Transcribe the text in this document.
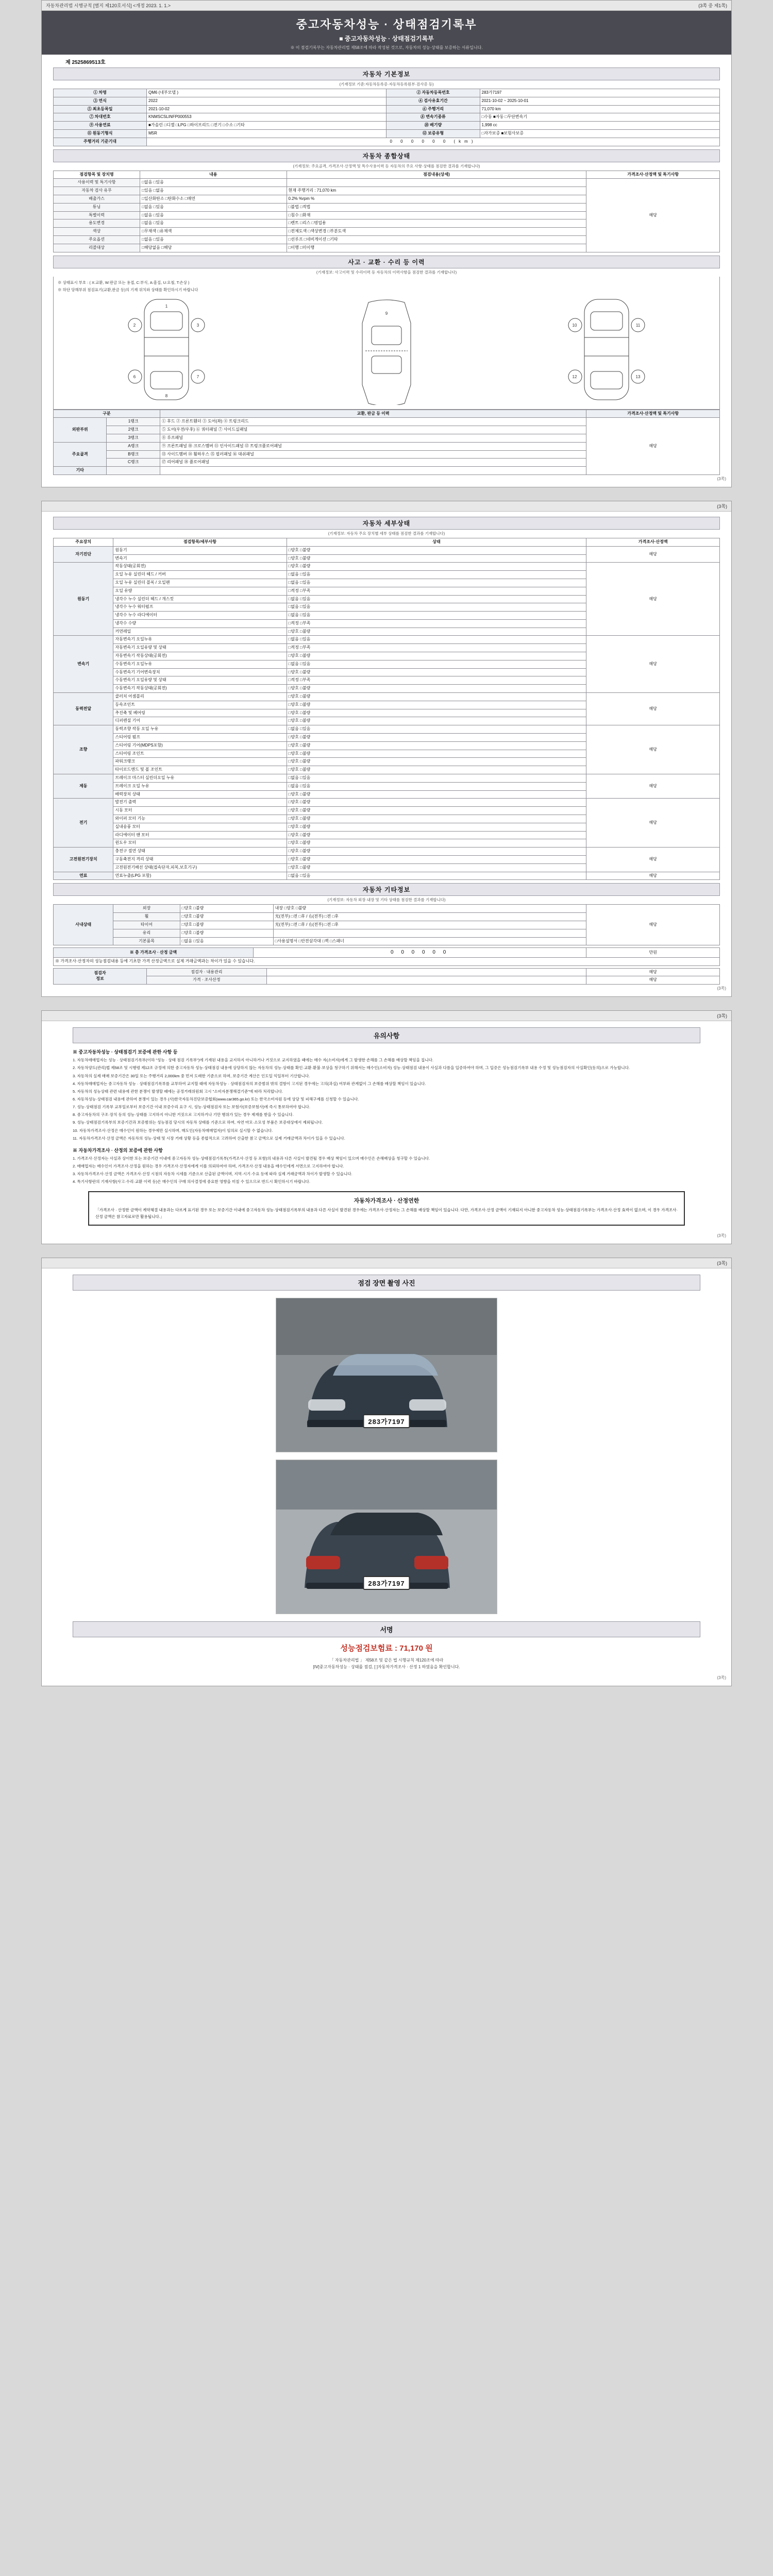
자동차관리법 시행규칙 [별지 제120호서식] <개정 2023. 1. 1.>	(3쪽 중 제1쪽)
중고자동차성능 · 상태점검기록부
■ 중고자동차성능 · 상태점검기록부
※ 이 점검기록부는 자동차관리법 제58조에 따라 작성된 것으로, 자동차의 성능·상태를 보증하는 서류입니다.
제 2525869513호
자동차 기본정보
(기재정보 기준:자동차등록증·자동차등록원부·검사증 등)
① 차명	QM6 (네부모델 )	② 자동차등록번호	283가7197
③ 연식	2022	④ 검사유효기간	2021-10-02 ~ 2025-10-01
⑤ 최초등록일	2021-10-02	⑥ 주행거리	71,070 km
⑦ 차대번호	KNMSCSLINFP000553	⑧ 변속기종류	□수동 ■자동 □무단변속기
⑨ 사용연료	■가솔린 □디젤 □LPG □하이브리드 □전기 □수소 □기타	⑩ 배기량	1,998 cc
⑪ 원동기형식	M5R	⑫ 보증유형	□자가보증 ■보험사보증
주행거리 기준기대	0 0 0 0 0 0 (km)		
자동차 종합상태
(기재정보: 주요골격, 가격조사·산정액 및 특수사용이력 등 자동차의 주요 사항·상태를 점검한 결과를 기재합니다)
점검항목 및 장치명	내용	점검내용(상세)	가격조사·산정액 및 특기사항
사용이력 및 특기사항	□없음 □있음		해당
자동차 검사 유무	□있음 □없음	현재 주행거리 : 71,070 km	
배출가스	□일산화탄소 □탄화수소 □매연	0.2% %rpm %	
튜닝	□없음 □있음	□불법 □적법	
특별이력	□없음 □있음	□침수 □화재	
용도변경	□없음 □있음	□렌트 □리스 □영업용	
색상	□무채색 □유채색	□전체도색 □색상변경 □부분도색	
주요옵션	□없음 □있음	□선루프 □네비게이션 □기타	
리콜대상	□해당없음 □해당	□이행 □미이행	
사고 · 교환 · 수리 등 이력
(기재정보: 사고이력 및 수리이력 등 자동차의 이력사항을 점검한 결과를 기재합니다)
※ 상태표시 부호 : ( X:교환, W:판금 또는 용접, C:부식, A:흠집, U:요철, T:손상 )
※ 하단 당해부위 점검표기(교환,판금 등)의 기재 위치와 상태를 확인하시기 바랍니다
2	3
6	7
1
8
9
10	11
12	13
구분		교환, 판금 등 이력	가격조사·산정액 및 특기사항
외판부위	1랭크	① 후드 ② 프론트휀더 ③ 도어(좌) ④ 트렁크리드	해당
	2랭크	⑤ 도어(우전/우후) ⑥ 쿼터패널 ⑦ 사이드실패널	
	3랭크	⑧ 루프패널	
주요골격	A랭크	⑨ 프론트패널 ⑩ 크로스멤버 ⑪ 인사이드패널 ⑫ 트렁크플로어패널	
	B랭크	⑬ 사이드멤버 ⑭ 휠하우스 ⑮ 필러패널 ⑯ 대쉬패널	
	C랭크	⑰ 리어패널 ⑱ 플로어패널	
기타			
(3쪽)
(3쪽)
자동차 세부상태
(기재정보: 자동차 주요 장치별 세부 상태를 점검한 결과를 기재합니다)
주요장치	점검항목/세부사항	상태	가격조사·산정액
자기진단	원동기	□양호 □불량	해당
	변속기	□양호 □불량	
원동기	작동상태(공회전)	□양호 □불량	해당
	오일 누유 실린더 헤드 / 커버	□없음 □있음	
	오일 누유 실린더 블록 / 오일팬	□없음 □있음	
	오일 유량	□적정 □부족	
	냉각수 누수 실린더 헤드 / 개스킷	□없음 □있음	
	냉각수 누수 워터펌프	□없음 □있음	
	냉각수 누수 라디에이터	□없음 □있음	
	냉각수 수량	□적정 □부족	
	커먼레일	□양호 □불량	
변속기	자동변속기 오일누유	□없음 □있음	해당
	자동변속기 오일유량 및 상태	□적정 □부족	
	자동변속기 작동상태(공회전)	□양호 □불량	
	수동변속기 오일누유	□없음 □있음	
	수동변속기 기어변속장치	□양호 □불량	
	수동변속기 오일유량 및 상태	□적정 □부족	
	수동변속기 작동상태(공회전)	□양호 □불량	
동력전달	클러치 어셈블리	□양호 □불량	해당
	등속조인트	□양호 □불량	
	추진축 및 베어링	□양호 □불량	
	디퍼렌셜 기어	□양호 □불량	
조향	동력조향 작동 오일 누유	□없음 □있음	해당
	스티어링 펌프	□양호 □불량	
	스티어링 기어(MDPS포함)	□양호 □불량	
	스티어링 조인트	□양호 □불량	
	파워크랭크	□양호 □불량	
	타이로드엔드 및 볼 조인트	□양호 □불량	
제동	브레이크 마스터 실린더오일 누유	□없음 □있음	해당
	브레이크 오일 누유	□없음 □있음	
	배력장치 상태	□양호 □불량	
전기	발전기 출력	□양호 □불량	해당
	시동 모터	□양호 □불량	
	와이퍼 모터 기능	□양호 □불량	
	실내송풍 모터	□양호 □불량	
	라디에이터 팬 모터	□양호 □불량	
	윈도우 모터	□양호 □불량	
고전원전기장치	충전구 절연 상태	□양호 □불량	해당
	구동축전지 격리 상태	□양호 □불량	
	고전원전기배선 상태(접속단자,피복,보호기구)	□양호 □불량	
연료	연료누출(LPG 포함)	□없음 □있음	해당
자동차 기타정보
(기재정보: 자동차 외장·내장 및 기타 상태를 점검한 결과를 기재합니다)
사내상태	외장	□양호 □불량	내장 □양호 □불량	해당
	휠	□양호 □불량	光(전부) □전 □후 / 右(전부) □전 □후	
	타이어	□양호 □불량	光(전부) □전 □후 / 右(전부) □전 □후	
	유리	□양호 □불량		
	기본품목	□없음 □있음	□사용설명서 □안전삼각대 □잭 □스패너	
※ 총 가격조사 · 산정 금액	0 0 0 0 0 0	만원
※ 가격조사·산정자의 성능점검내용 등에 기초한 가격 산정금액으로 실제 거래금액과는 차이가 있을 수 있습니다.
점검자
정보	점검자 · 내용관리		해당
	가격 · 조사산정		해당
(3쪽)
(3쪽)
유의사항
※ 중고자동차성능 · 상태점검기 보증에 관한 사항 등
1. 자동차매매업자는 성능 · 상태점검기록부(이하 "성능 · 상태 점검 기록부")에 기재된 내용을 교지하지 아니하거나 거짓으로 교지하였을 때에는 매수 자(소비자)에게 그 발생한 손해를 그 손해를 배상할 책임을 집니다.
2. 자동차양도(관리)법 제58조 및 시행령 제12조 규정에 의한 중고자동차 성능·상태점검 내용에 상당하지 않는 자동차의 성능·상태를 확인·교환·환불·보상을 청구하기 위해서는 매수인(소비자) 성능·상태점검 내용이 사실과 다름을 입증하여야 하며, 그 입증은 성능점검기록부 내용 수정 및 성능점검자의 사실확인(동의)으로 가능합니다.
3. 자동차의 실제 매매 보증기간은 30일 또는 주행거리 2,000km 중 먼저 도래한 기준으로 하며, 보증기간 계산은 인도일 익일부터 기산합니다.
4. 자동차매매업자는 중고자동차 성능 · 상태점검기록부를 교부하여 교지할 때에 자동차성능 · 상태점검자의 보증범위 밖의 결함이 고지된 경우에는 고의(과실) 여부와 관계없이 그 손해를 배상할 책임이 있습니다.
5. 자동차의 성능상태 관련 내용에 관한 분쟁이 발생할 때에는 공정거래위원회 고시 "소비자분쟁해결기준"에 따라 처리합니다.
6. 자동차성능·상태점검 내용에 관하여 분쟁이 있는 경우 (사)한국자동차진단보증협회(www.car365.go.kr) 또는 한국소비자원 등에 상담 및 피해구제를 신청할 수 있습니다.
7. 성능·상태점검 기록부 교부일로부터 보증기간 이내 보증수리 요구 시, 성능·상태점검자 또는 보험사(보증보험사)에 즉시 통보하여야 합니다.
8. 중고자동차의 구조·장치 등의 성능·상태를 고지하지 아니한 거짓으로 고지하거나 기만 행위가 있는 경우 제재를 받을 수 있습니다.
9. 성능·상태점검기록부의 보증기간과 보증범위는 성능점검 당시의 자동차 상태를 기준으로 하며, 자연 마모·소모성 부품은 보증대상에서 제외됩니다.
10. 자동차가격조사·산정은 매수인이 원하는 경우에만 실시하며, 매도인(자동차매매업자)이 임의로 실시할 수 없습니다.
11. 자동차가격조사·산정 금액은 자동차의 성능·상태 및 시장 거래 상황 등을 종합적으로 고려하여 산출한 참고 금액으로 실제 거래금액과 차이가 있을 수 있습니다.
※ 자동차가격조사 · 산정의 보증에 관한 사항
1. 가격조사·산정자는 사실과 상이한 또는 보증기간 이내에 중고자동차 성능·상태점검기록부(가격조사·산정 등 포함)의 내용과 다른 사실이 발견될 경우 배상 책임이 있으며 매수인은 손해배상을 청구할 수 있습니다.
2. 매매업자는 매수인이 가격조사·산정을 원하는 경우 가격조사·산정자에게 이를 의뢰하여야 하며, 가격조사·산정 내용을 매수인에게 서면으로 고지하여야 합니다.
3. 자동차가격조사·산정 금액은 가격조사·산정 시점의 자동차 시세를 기준으로 산출된 금액이며, 지역·시기·수요 등에 따라 실제 거래금액과 차이가 발생할 수 있습니다.
4. 특기사항란의 기재사항(사고·수리·교환 이력 등)은 매수인의 구매 의사결정에 중요한 영향을 미칠 수 있으므로 반드시 확인하시기 바랍니다.
자동차가격조사 · 산정연한
「가격조사 · 산정한 금액이 계약체결 내용과는 다르게 표기된 경우 또는 보증기간 이내에 중고자동차 성능·상태점검기록부의 내용과 다른 사실이 발견된 경우에는 가격조사·산정자는 그 손해를 배상할 책임이 있습니다. 다만, 가격조사·산정 금액이 기재되지 아니한 중고자동차 성능·상태점검기록부는 가격조사·산정 효력이 없으며, 이 경우 가격조사·산정 금액은 참고자료로만 활용됩니다.」
(3쪽)
(3쪽)
점검 장면 촬영 사진
283가7197
283가7197
서명
성능점검보험료 : 71,170 원
「 자동차관리법 」 제58조 및 같은 법 시행규칙 제120조에 따라
[ⅠⅤ]중고자동차성능 · 상태를 점검, [ ]자동차가격조사 · 산정 1 하였음을 확인합니다.
(3쪽)
